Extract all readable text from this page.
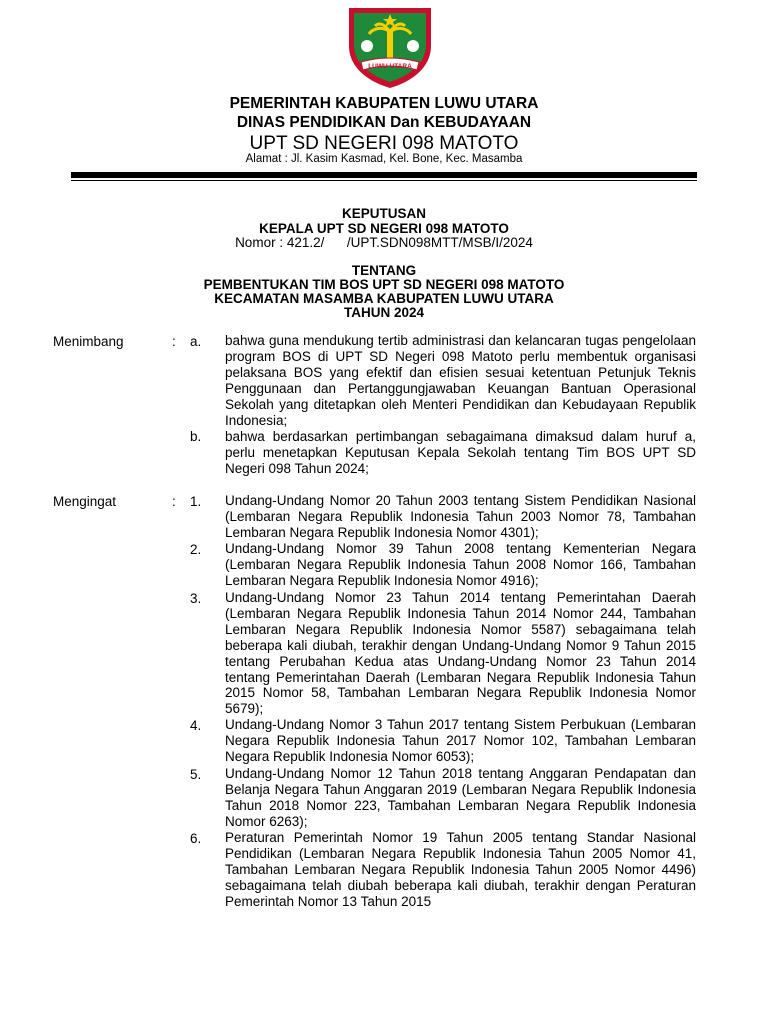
LUWU UTARA
PEMERINTAH KABUPATEN LUWU UTARA
DINAS PENDIDIKAN Dan KEBUDAYAAN
UPT SD NEGERI 098 MATOTO
Alamat : Jl. Kasim Kasmad, Kel. Bone, Kec. Masamba
KEPUTUSAN
KEPALA UPT SD NEGERI 098 MATOTO
Nomor : 421.2/      /UPT.SDN098MTT/MSB/I/2024
TENTANG
PEMBENTUKAN TIM BOS UPT SD NEGERI 098 MATOTO
KECAMATAN MASAMBA KABUPATEN LUWU UTARA
TAHUN 2024
Menimbang	: a. bahwa guna mendukung tertib administrasi dan kelancaran tugas pengelolaan program BOS di UPT SD Negeri 098 Matoto perlu membentuk organisasi pelaksana BOS yang efektif dan efisien sesuai ketentuan Petunjuk Teknis Penggunaan dan Pertanggungjawaban Keuangan Bantuan Operasional Sekolah yang ditetapkan oleh Menteri Pendidikan dan Kebudayaan Republik Indonesia;
b. bahwa berdasarkan pertimbangan sebagaimana dimaksud dalam huruf a, perlu menetapkan Keputusan Kepala Sekolah tentang Tim BOS UPT SD Negeri 098 Tahun 2024;
Mengingat	: 1. Undang-Undang Nomor 20 Tahun 2003 tentang Sistem Pendidikan Nasional (Lembaran Negara Republik Indonesia Tahun 2003 Nomor 78, Tambahan Lembaran Negara Republik Indonesia Nomor 4301);
2. Undang-Undang Nomor 39 Tahun 2008 tentang Kementerian Negara (Lembaran Negara Republik Indonesia Tahun 2008 Nomor 166, Tambahan Lembaran Negara Republik Indonesia Nomor 4916);
3. Undang-Undang Nomor 23 Tahun 2014 tentang Pemerintahan Daerah (Lembaran Negara Republik Indonesia Tahun 2014 Nomor 244, Tambahan Lembaran Negara Republik Indonesia Nomor 5587) sebagaimana telah beberapa kali diubah, terakhir dengan Undang-Undang Nomor 9 Tahun 2015 tentang Perubahan Kedua atas Undang-Undang Nomor 23 Tahun 2014 tentang Pemerintahan Daerah (Lembaran Negara Republik Indonesia Tahun 2015 Nomor 58, Tambahan Lembaran Negara Republik Indonesia Nomor 5679);
4. Undang-Undang Nomor 3 Tahun 2017 tentang Sistem Perbukuan (Lembaran Negara Republik Indonesia Tahun 2017 Nomor 102, Tambahan Lembaran Negara Republik Indonesia Nomor 6053);
5. Undang-Undang Nomor 12 Tahun 2018 tentang Anggaran Pendapatan dan Belanja Negara Tahun Anggaran 2019 (Lembaran Negara Republik Indonesia Tahun 2018 Nomor 223, Tambahan Lembaran Negara Republik Indonesia Nomor 6263);
6. Peraturan Pemerintah Nomor 19 Tahun 2005 tentang Standar Nasional Pendidikan (Lembaran Negara Republik Indonesia Tahun 2005 Nomor 41, Tambahan Lembaran Negara Republik Indonesia Tahun 2005 Nomor 4496) sebagaimana telah diubah beberapa kali diubah, terakhir dengan Peraturan Pemerintah Nomor 13 Tahun 2015
